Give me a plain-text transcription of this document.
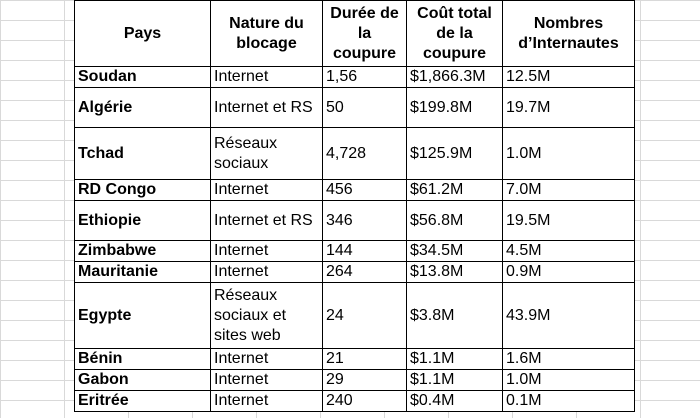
Pays	Nature du blocage	Durée de la coupure	Coût total de la coupure	Nombres d’Internautes
Soudan	Internet	1,56	$1,866.3M	12.5M
Algérie	Internet et RS	50	$199.8M	19.7M
Tchad	Réseaux sociaux	4,728	$125.9M	1.0M
RD Congo	Internet	456	$61.2M	7.0M
Ethiopie	Internet et RS	346	$56.8M	19.5M
Zimbabwe	Internet	144	$34.5M	4.5M
Mauritanie	Internet	264	$13.8M	0.9M
Egypte	Réseaux sociaux et sites web	24	$3.8M	43.9M
Bénin	Internet	21	$1.1M	1.6M
Gabon	Internet	29	$1.1M	1.0M
Eritrée	Internet	240	$0.4M	0.1M
